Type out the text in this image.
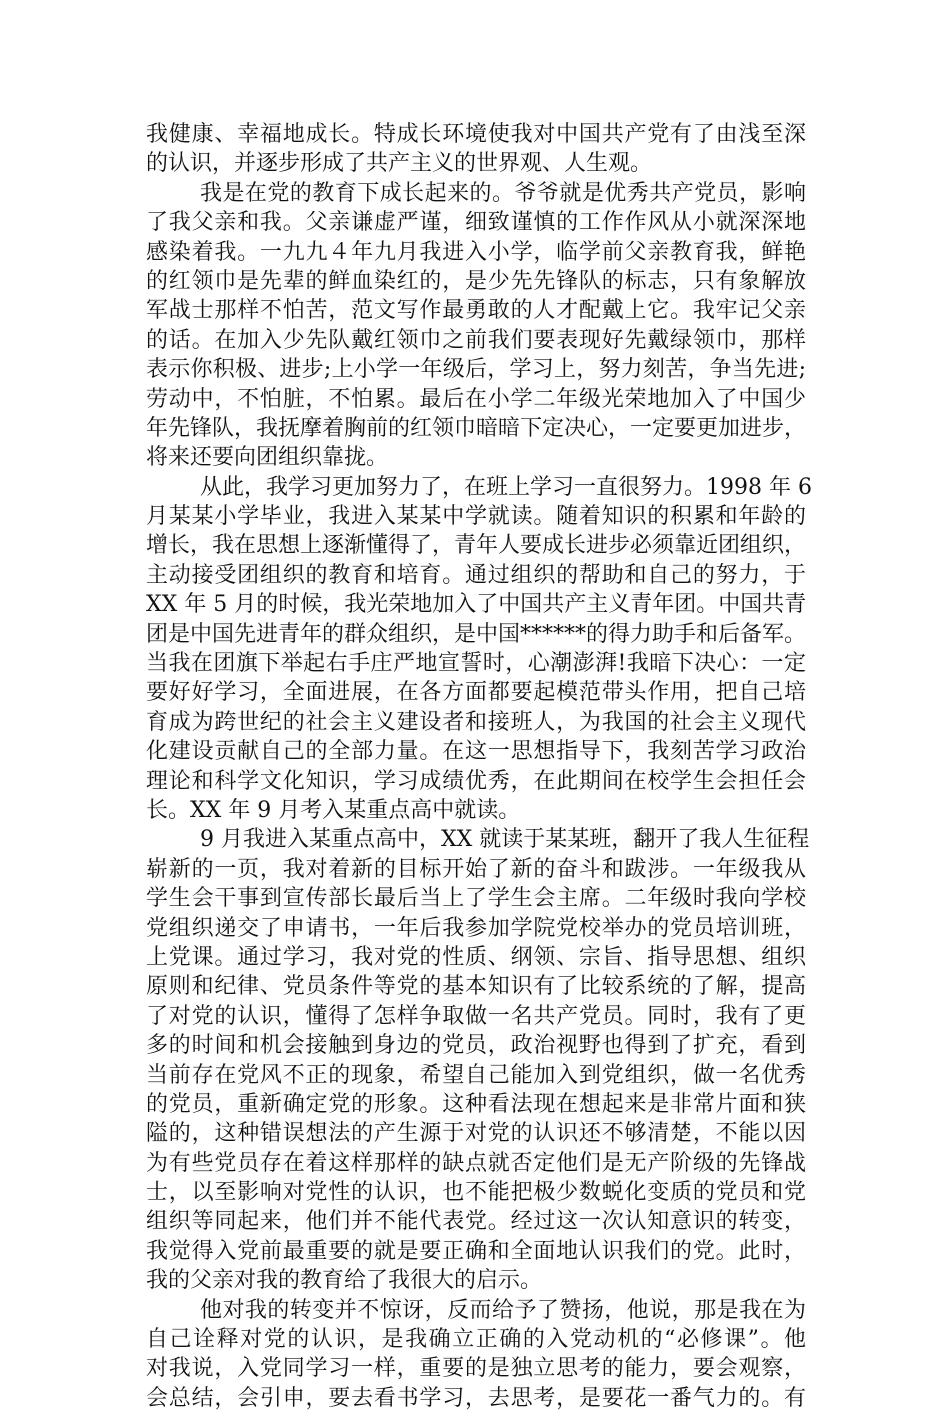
我健康、幸福地成长。特成长环境使我对中国共产党有了由浅至深
的认识，并逐步形成了共产主义的世界观、人生观。
我是在党的教育下成长起来的。爷爷就是优秀共产党员，影响
了我父亲和我。父亲谦虚严谨，细致谨慎的工作作风从小就深深地
感染着我。一九九４年九月我进入小学，临学前父亲教育我，鲜艳
的红领巾是先辈的鲜血染红的，是少先先锋队的标志，只有象解放
军战士那样不怕苦，范文写作最勇敢的人才配戴上它。我牢记父亲
的话。在加入少先队戴红领巾之前我们要表现好先戴绿领巾，那样
表示你积极、进步;上小学一年级后，学习上，努力刻苦，争当先进;
劳动中，不怕脏，不怕累。最后在小学二年级光荣地加入了中国少
年先锋队，我抚摩着胸前的红领巾暗暗下定决心，一定要更加进步，
将来还要向团组织靠拢。
从此，我学习更加努力了，在班上学习一直很努力。1998 年 6
月某某小学毕业，我进入某某中学就读。随着知识的积累和年龄的
增长，我在思想上逐渐懂得了，青年人要成长进步必须靠近团组织，
主动接受团组织的教育和培育。通过组织的帮助和自己的努力，于
XX 年 5 月的时候，我光荣地加入了中国共产主义青年团。中国共青
团是中国先进青年的群众组织，是中国******的得力助手和后备军。
当我在团旗下举起右手庄严地宣誓时，心潮澎湃!我暗下决心：一定
要好好学习，全面进展，在各方面都要起模范带头作用，把自己培
育成为跨世纪的社会主义建设者和接班人，为我国的社会主义现代
化建设贡献自己的全部力量。在这一思想指导下，我刻苦学习政治
理论和科学文化知识，学习成绩优秀，在此期间在校学生会担任会
长。XX 年 9 月考入某重点高中就读。
9 月我进入某重点高中，XX 就读于某某班，翻开了我人生征程
崭新的一页，我对着新的目标开始了新的奋斗和跋涉。一年级我从
学生会干事到宣传部长最后当上了学生会主席。二年级时我向学校
党组织递交了申请书，一年后我参加学院党校举办的党员培训班，
上党课。通过学习，我对党的性质、纲领、宗旨、指导思想、组织
原则和纪律、党员条件等党的基本知识有了比较系统的了解，提高
了对党的认识，懂得了怎样争取做一名共产党员。同时，我有了更
多的时间和机会接触到身边的党员，政治视野也得到了扩充，看到
当前存在党风不正的现象，希望自己能加入到党组织，做一名优秀
的党员，重新确定党的形象。这种看法现在想起来是非常片面和狭
隘的，这种错误想法的产生源于对党的认识还不够清楚，不能以因
为有些党员存在着这样那样的缺点就否定他们是无产阶级的先锋战
士，以至影响对党性的认识，也不能把极少数蜕化变质的党员和党
组织等同起来，他们并不能代表党。经过这一次认知意识的转变，
我觉得入党前最重要的就是要正确和全面地认识我们的党。此时，
我的父亲对我的教育给了我很大的启示。
他对我的转变并不惊讶，反而给予了赞扬，他说，那是我在为
自己诠释对党的认识，是我确立正确的入党动机的“必修课”。他
对我说，入党同学习一样，重要的是独立思考的能力，要会观察，
会总结，会引申，要去看书学习，去思考，是要花一番气力的。有
